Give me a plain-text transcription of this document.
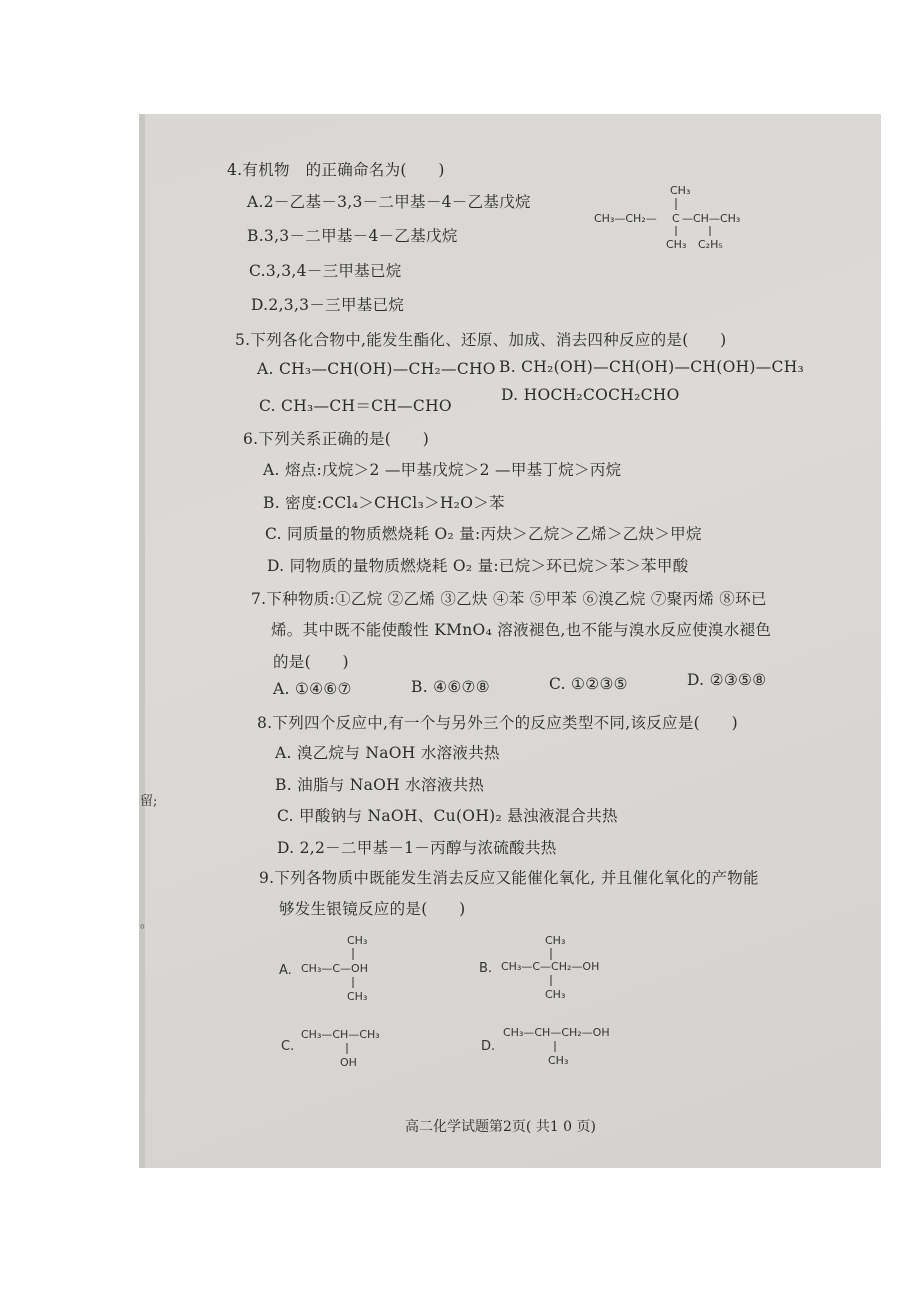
4.有机物　的正确命名为(　　)
A.2－乙基－3,3－二甲基－4－乙基戊烷
B.3,3－二甲基－4－乙基戊烷
C.3,3,4－三甲基已烷
D.2,3,3－三甲基已烷
CH₃
CH₃—CH₂— C —CH—CH₃
CH₃ C₂H₅
5.下列各化合物中,能发生酯化、还原、加成、消去四种反应的是(　　)
A. CH₃—CH(OH)—CH₂—CHO B. CH₂(OH)—CH(OH)—CH(OH)—CH₃
C. CH₃—CH＝CH—CHO
D. HOCH₂COCH₂CHO
6.下列关系正确的是(　　)
A. 熔点:戊烷＞2 —甲基戊烷＞2 —甲基丁烷＞丙烷
B. 密度:CCl₄＞CHCl₃＞H₂O＞苯
C. 同质量的物质燃烧耗 O₂ 量:丙炔＞乙烷＞乙烯＞乙炔＞甲烷
D. 同物质的量物质燃烧耗 O₂ 量:已烷＞环已烷＞苯＞苯甲酸
7.下种物质:①乙烷 ②乙烯 ③乙炔 ④苯 ⑤甲苯 ⑥溴乙烷 ⑦聚丙烯 ⑧环已
烯。其中既不能使酸性 KMnO₄ 溶液褪色,也不能与溴水反应使溴水褪色
的是(　　)
A. ①④⑥⑦	B. ④⑥⑦⑧	C. ①②③⑤	D. ②③⑤⑧
8.下列四个反应中,有一个与另外三个的反应类型不同,该反应是(　　)
A. 溴乙烷与 NaOH 水溶液共热
B. 油脂与 NaOH 水溶液共热
C. 甲酸钠与 NaOH、Cu(OH)₂ 悬浊液混合共热
D. 2,2－二甲基－1－丙醇与浓硫酸共热
9.下列各物质中既能发生消去反应又能催化氧化, 并且催化氧化的产物能
够发生银镜反应的是(　　)
A.
CH₃
CH₃—C—OH
CH₃
B.
CH₃
CH₃—C—CH₂—OH
CH₃
C.
CH₃—CH—CH₃
OH
D.
CH₃—CH—CH₂—OH
CH₃
高二化学试题第2页( 共1 0 页)
留;
。
